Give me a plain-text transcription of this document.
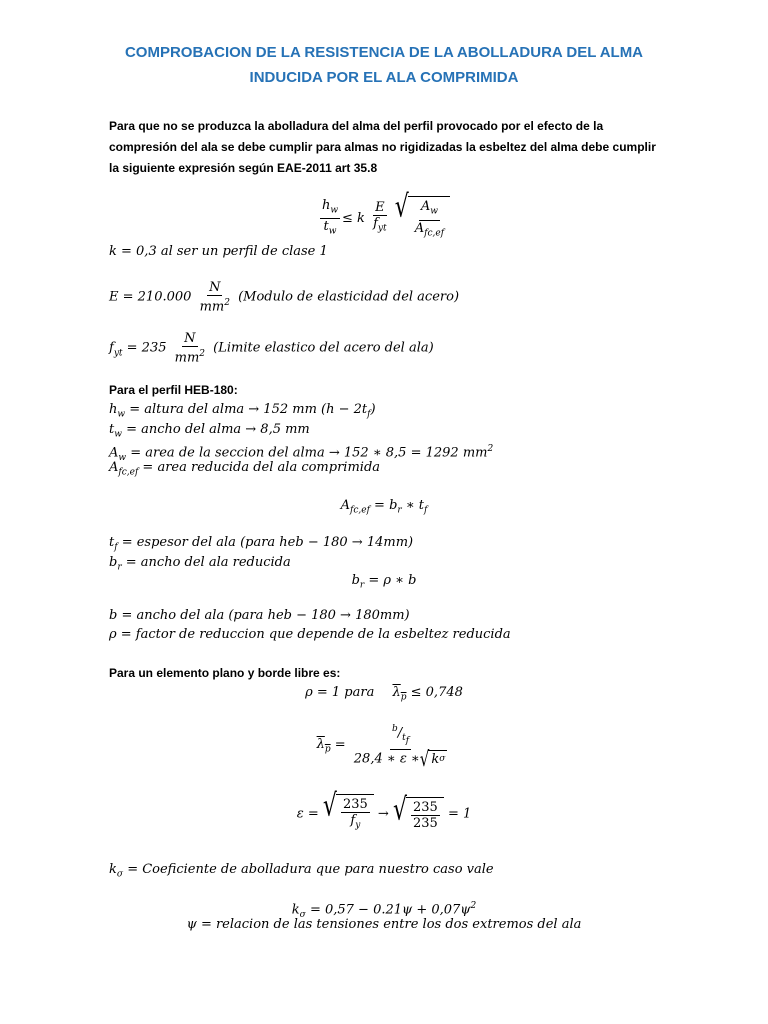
COMPROBACION DE LA RESISTENCIA DE LA ABOLLADURA DEL ALMA
INDUCIDA POR EL ALA COMPRIMIDA
Para que no se produzca la abolladura del alma del perfil provocado por el efecto de la
compresión del ala se debe cumplir para almas no rigidizadas la esbeltez del alma debe cumplir
la siguiente expresión según EAE-2011 art 35.8
$\frac{h_w}{t_w} \le k \frac{E}{f_{yt}}$
√ $\frac{A_w}{A_{fc,ef}}$
k = 0,3 al ser un perfil de clase 1
$E = 210.000 \frac{N}{mm^2}$ (Modulo de elasticidad del acero)
$f_{yt} = 235 \frac{N}{mm^2}$ (Limite elastico del acero del ala)
Para el perfil HEB-180:
$h_w$ = altura del alma → 152 mm $(h - 2t_f)$
$t_w$ = ancho del alma → 8,5 mm
$A_w$ = area de la seccion del alma → 152 ∗ 8,5 = 1292 $mm^2$
$A_{fc,ef}$ = area reducida del ala comprimida
$A_{fc,ef} = b_r$ ∗ $t_f$
$t_f$ = espesor del ala (para heb − 180 → 14mm)
$b_r$ = ancho del ala reducida
$b_r = \rho$ ∗ b
b = ancho del ala (para heb − 180 → 180mm)
ρ = factor de reduccion que depende de la esbeltez reducida
Para un elemento plano y borde libre es:
ρ = 1 para $\lambda_p \le 0,748$
$\lambda_p = \frac{^b/_{t_f}}{\text{28,4 ∗ ε ∗ √ k σ}}$
ε = √ $\frac{235}{f_y}$ → √ $\frac{235}{235} = 1$
$k_\sigma$ = Coeficiente de abolladura que para nuestro caso vale
$k_\sigma = 0,57 - 0.21\psi + 0,07\psi^2$
ψ = relacion de las tensiones entre los dos extremos del ala
